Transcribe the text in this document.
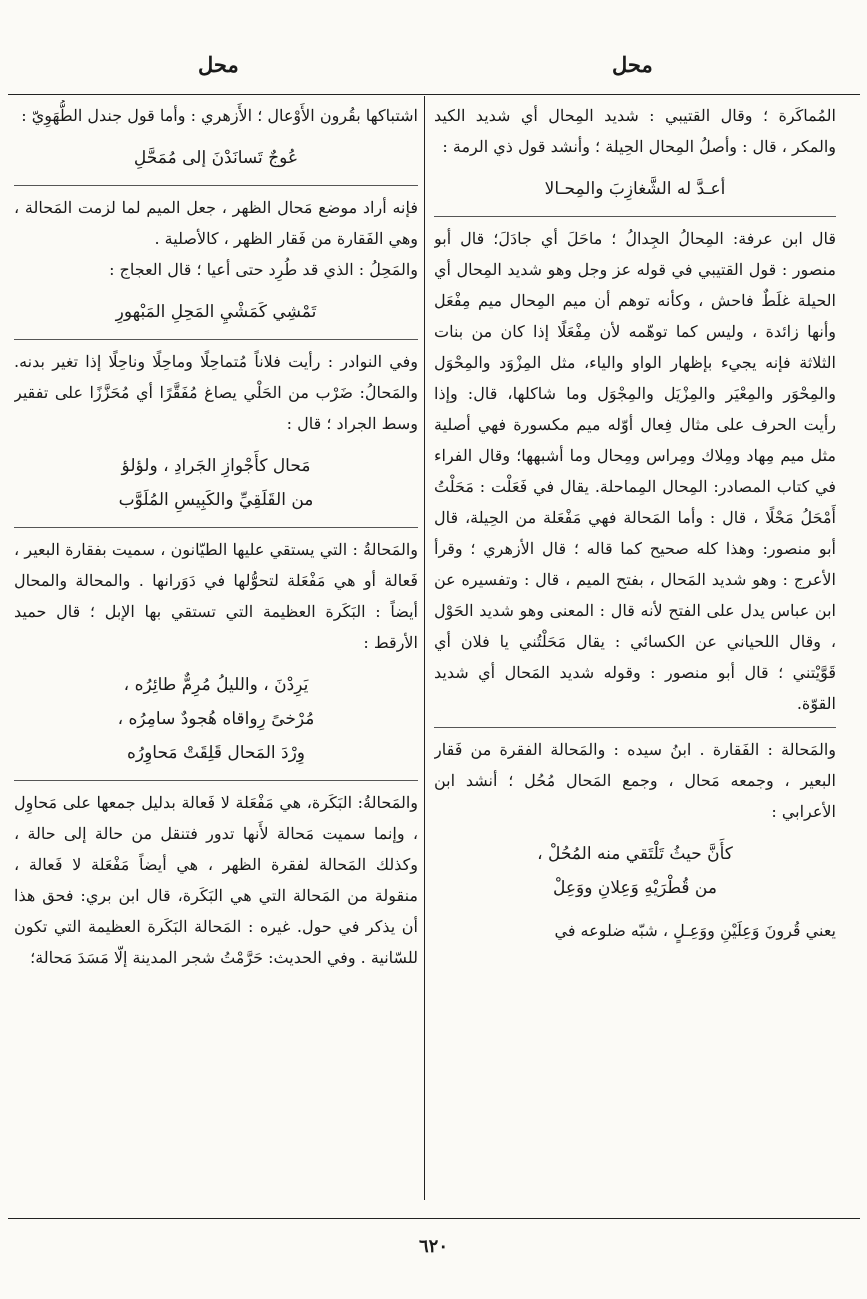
محل
محل

المُماكَرة ؛ وقال القتيبي : شديد المِحال أي شديد الكيد والمكر ، قال : وأصلُ المِحال الحِيلة ؛ وأنشد قول ذي الرمة :

أعـدَّ له الشَّغازِبَ والمِحـالا

قال ابن عرفة: المِحالُ الجِدالُ ؛ ماحَلَ أي جادَلَ؛ قال أبو منصور : قول القتيبي في قوله عز وجل وهو شديد المِحال أي الحيلة غلَطٌ فاحش ، وكأنه توهم أن ميم المِحال ميم مِفْعَل وأنها زائدة ، وليس كما توهّمه لأن مِفْعَلًا إذا كان من بنات الثلاثة فإنه يجيء بإظهار الواو والياء، مثل المِزْوَد والمِحْوَل والمِحْوَر والمِعْيَر والمِزْيَل والمِجْوَل وما شاكلها، قال: وإذا رأيت الحرف على مثال فِعال أوّله ميم مكسورة فهي أصلية مثل ميم مِهاد ومِلاك ومِراس ومِحال وما أشبهها؛ وقال الفراء في كتاب المصادر: المِحال المِماحلة. يقال في فَعَلْت : مَحَلْتُ أَمْحَلُ مَحْلًا ، قال : وأما المَحالة فهي مَفْعَلة من الحِيلة، قال أبو منصور: وهذا كله صحيح كما قاله ؛ قال الأزهري ؛ وقرأ الأعرج : وهو شديد المَحال ، بفتح الميم ، قال : وتفسيره عن ابن عباس يدل على الفتح لأنه قال : المعنى وهو شديد الحَوْل ، وقال اللحياني عن الكسائي : يقال مَحَلْتُني يا فلان أي قَوَّيْتني ؛ قال أبو منصور : وقوله شديد المَحال أي شديد القوّة.

والمَحالة : الفَقارة . ابنُ سيده : والمَحالة الفقرة من فَقار البعير ، وجمعه مَحال ، وجمع المَحال مُحُل ؛ أنشد ابن الأعرابي :

كأَنَّ حيثُ تَلْتَقي منه المُحُلْ ،
من قُطْرَيْهِ وَعِلانِ ووَعِلْ

يعني قُرونَ وَعِلَيْنِ ووَعِـلٍ ، شبّه ضلوعه في

اشتباكها بقُرون الأَوْعال ؛ الأَزهري : وأما قول جندل الطُّهَوِيّ :

عُوجٌ تَسانَدْنَ إلى مُمَحَّلِ

فإنه أراد موضع مَحال الظهر ، جعل الميم لما لزمت المَحالة ، وهي الفَقارة من فَقار الظهر ، كالأصلية .

والمَحِلُ : الذي قد طُرِد حتى أعيا ؛ قال العجاج :

تَمْشِي كَمَشْيِ المَحِلِ المَبْهورِ

وفي النوادر : رأيت فلاناً مُتماحِلًا وماحِلًا وناحِلًا إذا تغير بدنه. والمَحالُ: ضَرْب من الحَلْي يصاغ مُفَقَّرًا أي مُحَزَّزًا على تفقير وسط الجراد ؛ قال :

مَحال كأَجْوازِ الجَرادِ ، ولؤلؤ
من القَلَقِيِّ والكَبِيسِ المُلَوَّب

والمَحالةُ : التي يستقي عليها الطيّانون ، سميت بفقارة البعير ، فَعالة أو هي مَفْعَلة لتحوُّلها في دَوَرانها . والمحالة والمحال أيضاً : البَكَرة العظيمة التي تستقي بها الإبل ؛ قال حميد الأرقط :

يَرِدْنَ ، والليلُ مُرِمٌّ طائِرُه ،
مُرْخىً رِواقاه هُجودٌ سامِرُه ،
وِرْدَ المَحال قَلِقَتْ مَحاوِرُه

والمَحالةُ: البَكَرة، هي مَفْعَلة لا فَعالة بدليل جمعها على مَحاوِل ، وإنما سميت مَحالة لأَنها تدور فتنقل من حالة إلى حالة ، وكذلك المَحالة لفقرة الظهر ، هي أيضاً مَفْعَلة لا فَعالة ، منقولة من المَحالة التي هي البَكَرة، قال ابن بري: فحق هذا أن يذكر في حول. غيره : المَحالة البَكَرة العظيمة التي تكون للسّانية . وفي الحديث: حَرَّمْتُ شجر المدينة إلّا مَسَدَ مَحالة؛

٦٢٠
